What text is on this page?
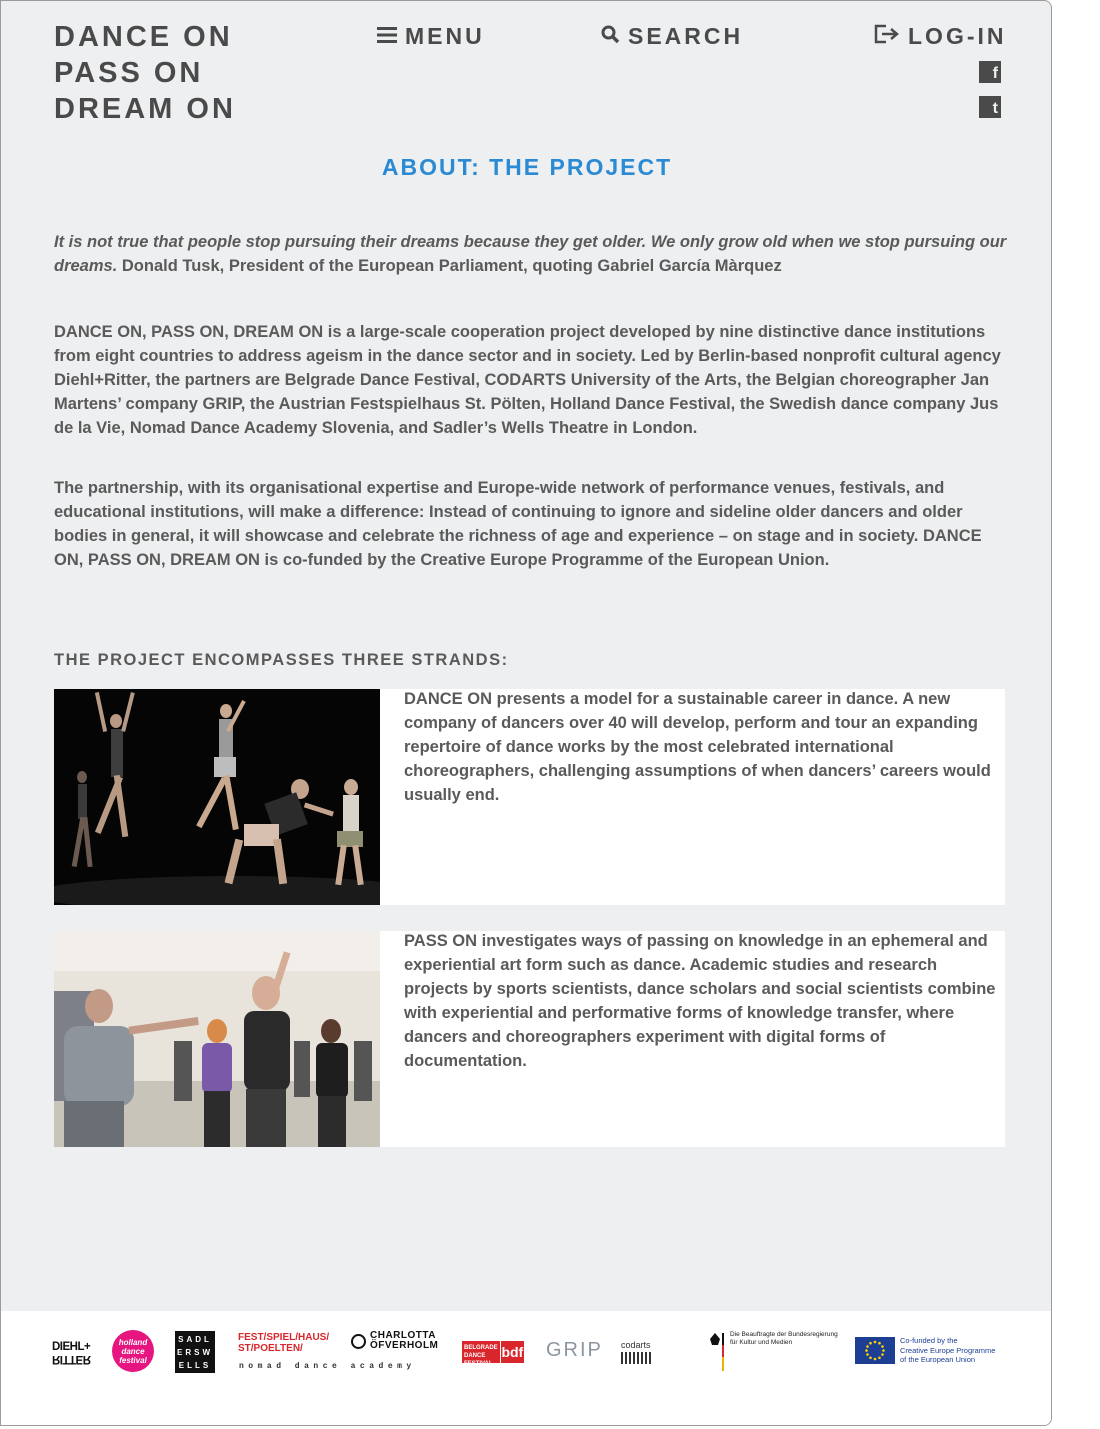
DANCE ON
PASS ON
DREAM ON
MENU	SEARCH	LOG-IN
f
t
ABOUT: THE PROJECT
It is not true that people stop pursuing their dreams because they get older. We only grow old when we stop pursuing our dreams. Donald Tusk, President of the European Parliament, quoting Gabriel García Màrquez

DANCE ON, PASS ON, DREAM ON is a large-scale cooperation project developed by nine distinctive dance institutions from eight countries to address ageism in the dance sector and in society. Led by Berlin-based nonprofit cultural agency Diehl+Ritter, the partners are Belgrade Dance Festival, CODARTS University of the Arts, the Belgian choreographer Jan Martens’ company GRIP, the Austrian Festspielhaus St. Pölten, Holland Dance Festival, the Swedish dance company Jus de la Vie, Nomad Dance Academy Slovenia, and Sadler’s Wells Theatre in London.

The partnership, with its organisational expertise and Europe-wide network of performance venues, festivals, and educational institutions, will make a difference: Instead of continuing to ignore and sideline older dancers and older bodies in general, it will showcase and celebrate the richness of age and experience – on stage and in society. DANCE ON, PASS ON, DREAM ON is co-funded by the Creative Europe Programme of the European Union.

THE PROJECT ENCOMPASSES THREE STRANDS:
DANCE ON presents a model for a sustainable career in dance. A new company of dancers over 40 will develop, perform and tour an expanding repertoire of dance works by the most celebrated international choreographers, challenging assumptions of when dancers’ careers would usually end.
PASS ON investigates ways of passing on knowledge in an ephemeral and experiential art form such as dance. Academic studies and research projects by sports scientists, dance scholars and social scientists combine with experiential and performative forms of knowledge transfer, where dancers and choreographers experiment with digital forms of documentation.
DIEHL+
RITTER
holland
dance
festival
SADL
ERSW
ELLS
FEST/SPIEL/HAUS/
ST/POELTEN/
nomad dance academy
CHARLOTTA
ÖFVERHOLM	BELGRADE
DANCE FESTIVAL
bdf GRIP codarts
Die Beauftragte der Bundesregierung
für Kultur und Medien	Co-funded by the
Creative Europe Programme
of the European Union
